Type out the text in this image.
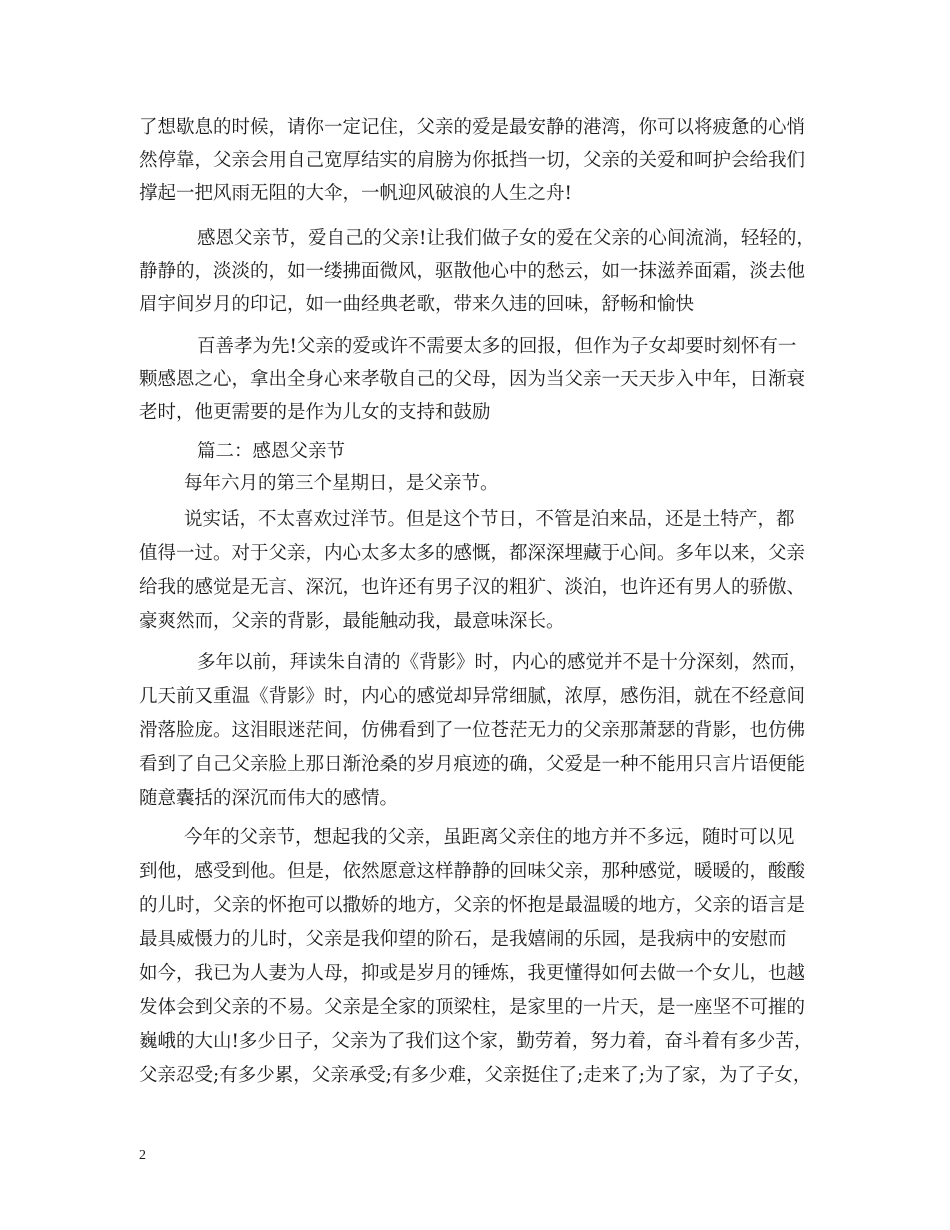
了想歇息的时候，请你一定记住，父亲的爱是最安静的港湾，你可以将疲惫的心悄
然停靠，父亲会用自己宽厚结实的肩膀为你抵挡一切，父亲的关爱和呵护会给我们
撑起一把风雨无阻的大伞，一帆迎风破浪的人生之舟!
感恩父亲节，爱自己的父亲!让我们做子女的爱在父亲的心间流淌，轻轻的，
静静的，淡淡的，如一缕拂面微风，驱散他心中的愁云，如一抹滋养面霜，淡去他
眉宇间岁月的印记，如一曲经典老歌，带来久违的回味，舒畅和愉快
百善孝为先!父亲的爱或许不需要太多的回报，但作为子女却要时刻怀有一
颗感恩之心，拿出全身心来孝敬自己的父母，因为当父亲一天天步入中年，日渐衰
老时，他更需要的是作为儿女的支持和鼓励
篇二：感恩父亲节
每年六月的第三个星期日，是父亲节。
说实话，不太喜欢过洋节。但是这个节日，不管是泊来品，还是土特产，都
值得一过。对于父亲，内心太多太多的感慨，都深深埋藏于心间。多年以来，父亲
给我的感觉是无言、深沉，也许还有男子汉的粗犷、淡泊，也许还有男人的骄傲、
豪爽然而，父亲的背影，最能触动我，最意味深长。
多年以前，拜读朱自清的《背影》时，内心的感觉并不是十分深刻，然而，
几天前又重温《背影》时，内心的感觉却异常细腻，浓厚，感伤泪，就在不经意间
滑落脸庞。这泪眼迷茫间，仿佛看到了一位苍茫无力的父亲那萧瑟的背影，也仿佛
看到了自己父亲脸上那日渐沧桑的岁月痕迹的确，父爱是一种不能用只言片语便能
随意囊括的深沉而伟大的感情。
今年的父亲节，想起我的父亲，虽距离父亲住的地方并不多远，随时可以见
到他，感受到他。但是，依然愿意这样静静的回味父亲，那种感觉，暖暖的，酸酸
的儿时，父亲的怀抱可以撒娇的地方，父亲的怀抱是最温暖的地方，父亲的语言是
最具威慑力的儿时，父亲是我仰望的阶石，是我嬉闹的乐园，是我病中的安慰而
如今，我已为人妻为人母，抑或是岁月的锤炼，我更懂得如何去做一个女儿，也越
发体会到父亲的不易。父亲是全家的顶梁柱，是家里的一片天，是一座坚不可摧的
巍峨的大山!多少日子，父亲为了我们这个家，勤劳着，努力着，奋斗着有多少苦，
父亲忍受;有多少累，父亲承受;有多少难，父亲挺住了;走来了;为了家，为了子女，
2
